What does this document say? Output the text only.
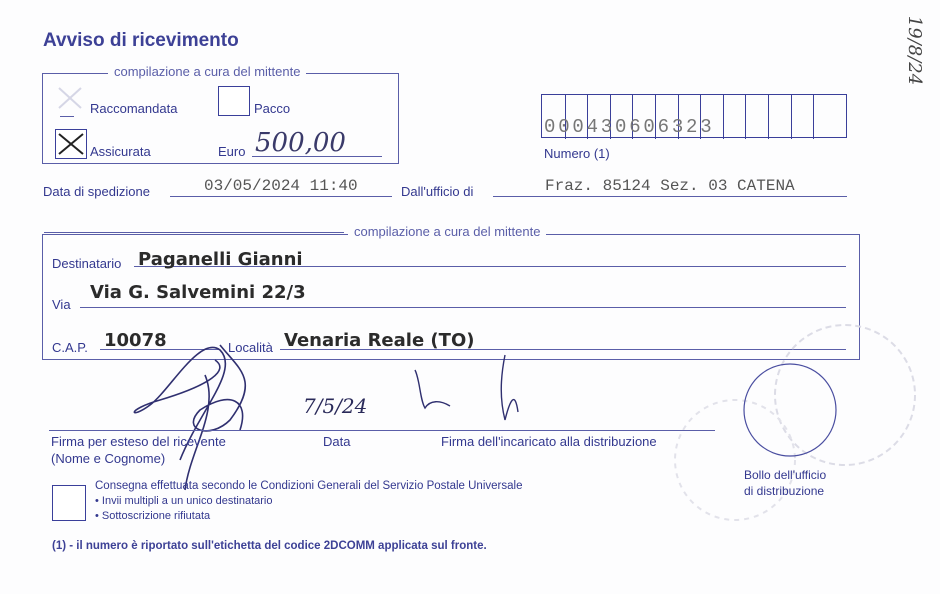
Avviso di ricevimento	19/8/24
compilazione a cura del mittente
Raccomandata	Pacco
Assicurata	Euro 500,00
000430606323
Numero (1)
Data di spedizione	03/05/2024 11:40	Dall'ufficio di	Fraz. 85124 Sez. 03 CATENA
compilazione a cura del mittente
Destinatario Paganelli Gianni
Via
Via G. Salvemini 22/3
C.A.P. 10078	Località Venaria Reale (TO)
7/5/24
Firma per esteso del ricevente
(Nome e Cognome)
Data	Firma dell'incaricato alla distribuzione
Consegna effettuata secondo le Condizioni Generali del Servizio Postale Universale
• Invii multipli a un unico destinatario
• Sottoscrizione rifiutata
Bollo dell'ufficio
di distribuzione
(1) - il numero è riportato sull'etichetta del codice 2DCOMM applicata sul fronte.
